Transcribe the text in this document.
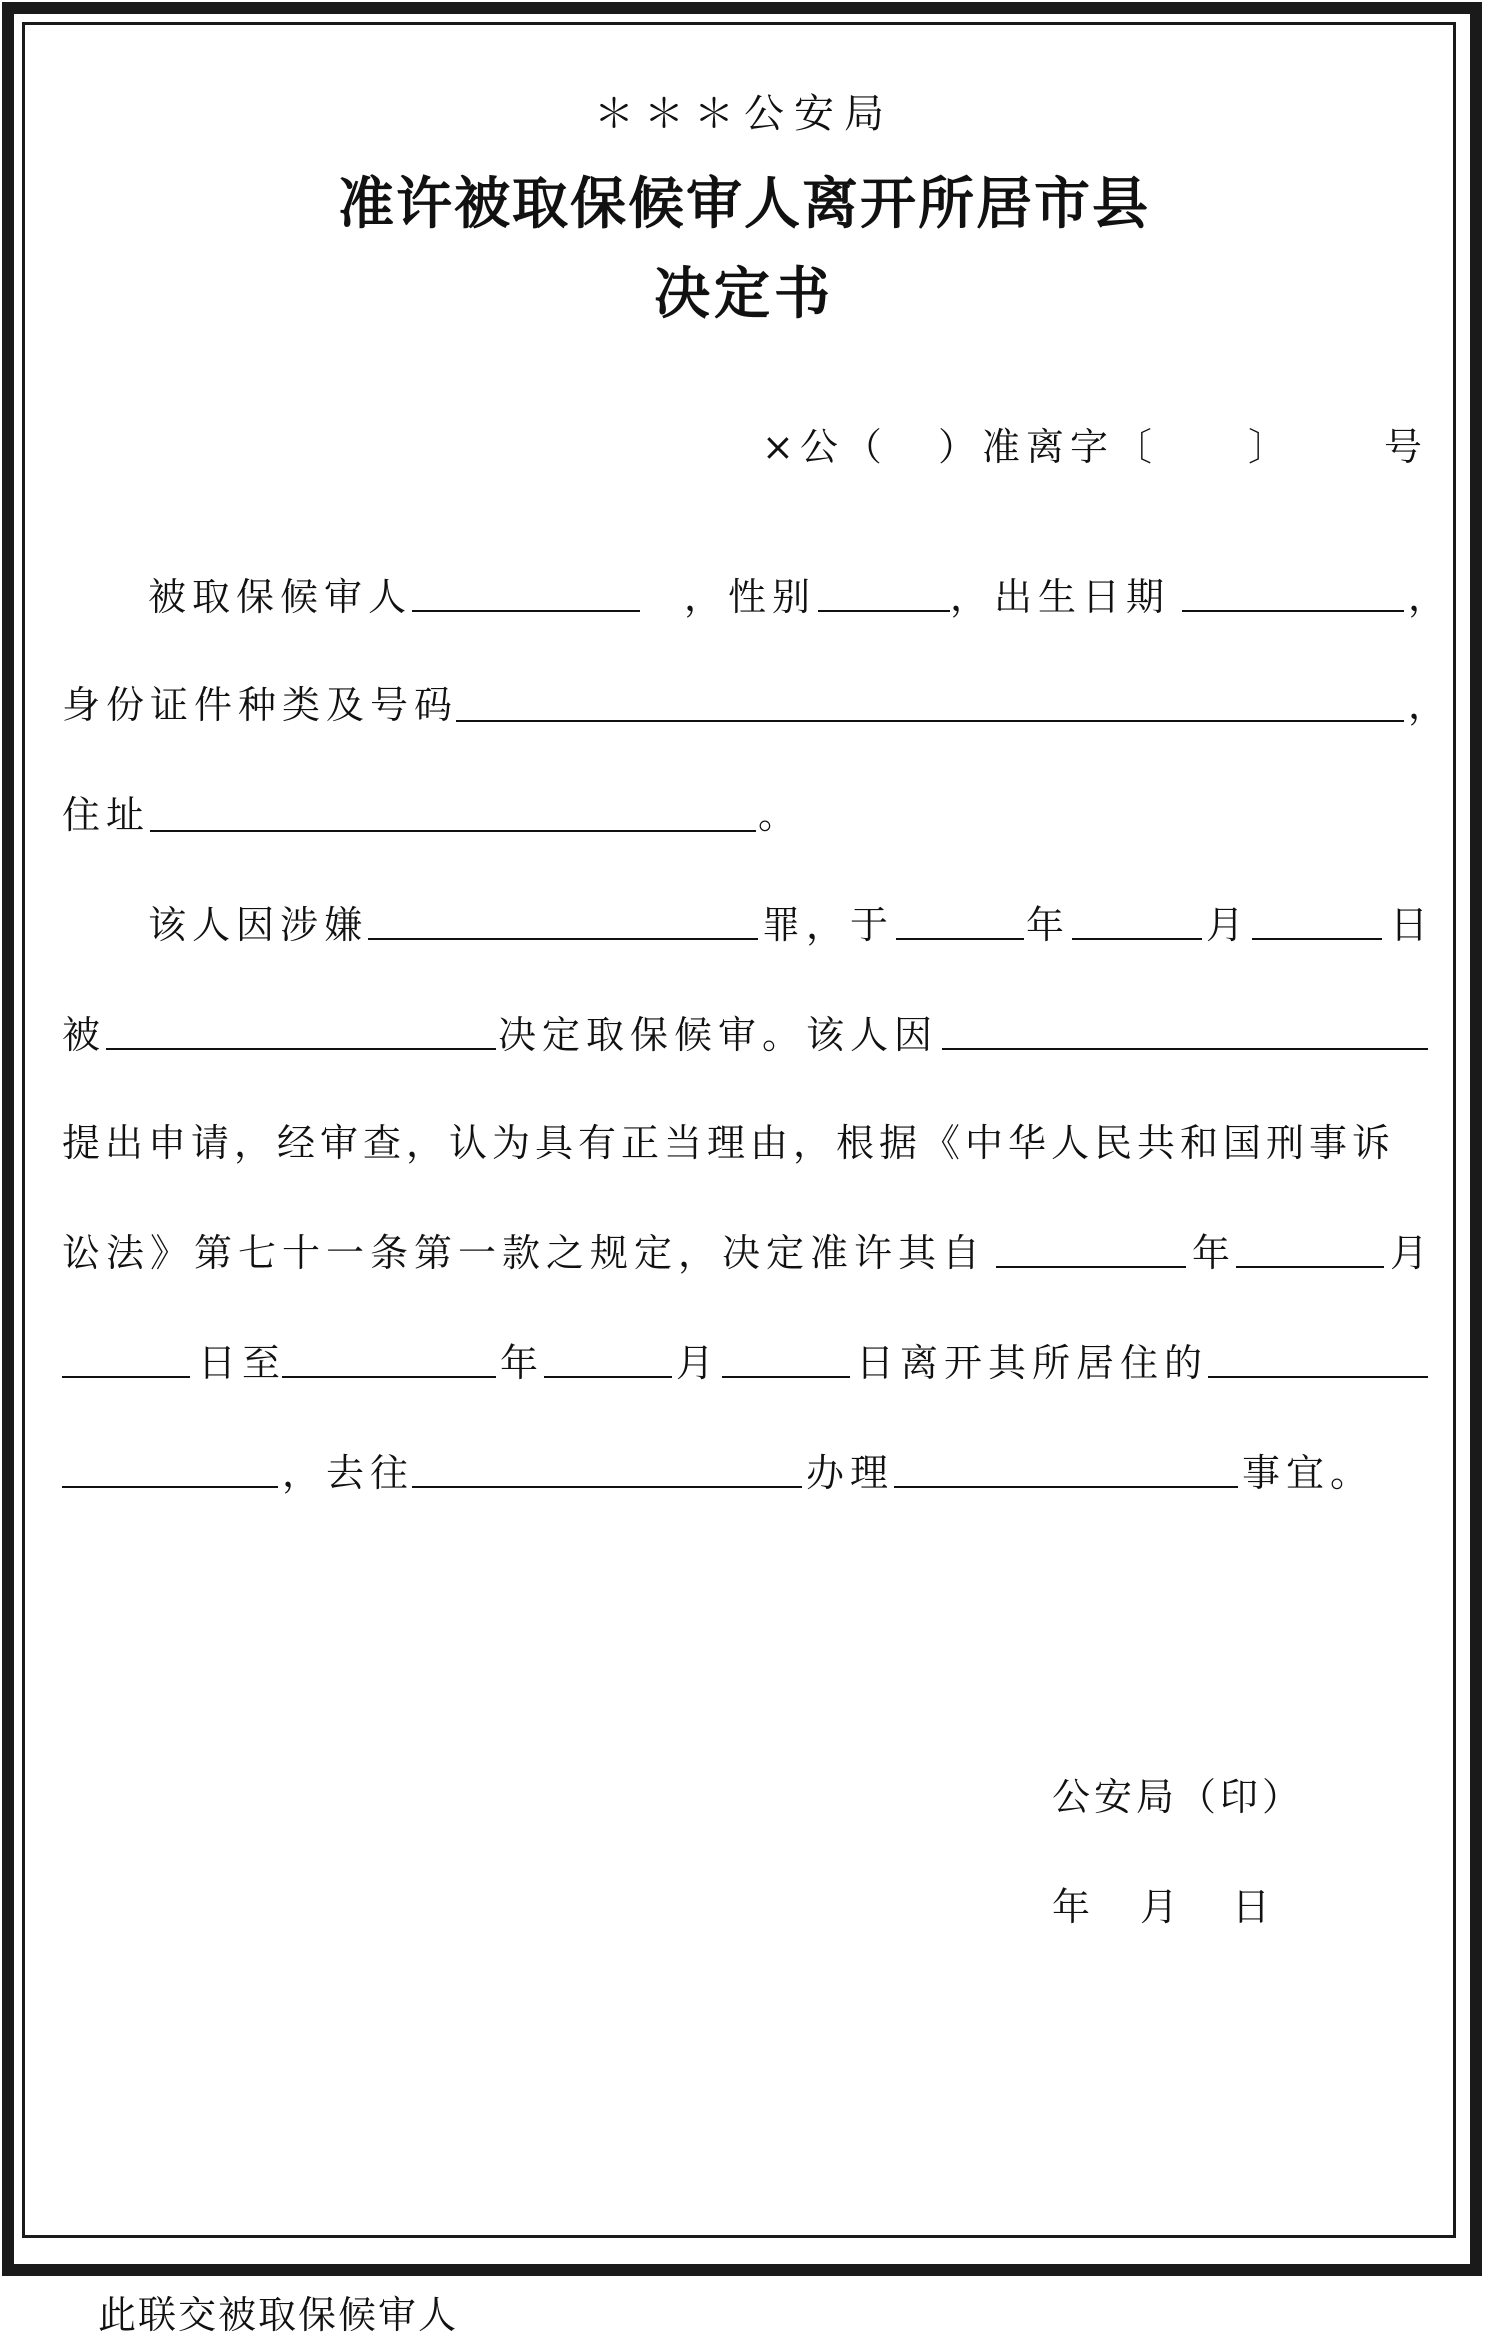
＊＊＊公安局
准许被取保候审人离开所居市县
决定书
×公（ ）准离字〔 〕 号
被取保候审人	，性别	，出生日期	，
身份证件种类及号码	，
住址	。
该人因涉嫌	罪，于	年	月	日
被	决定取保候审。该人因
提出申请，经审查，认为具有正当理由，根据《中华人民共和国刑事诉
讼法》第七十一条第一款之规定，决定准许其自	年	月
日至	年	月	日离开其所居住的
，去往	办理	事宜。
公安局（印）
年 月 日
此联交被取保候审人
